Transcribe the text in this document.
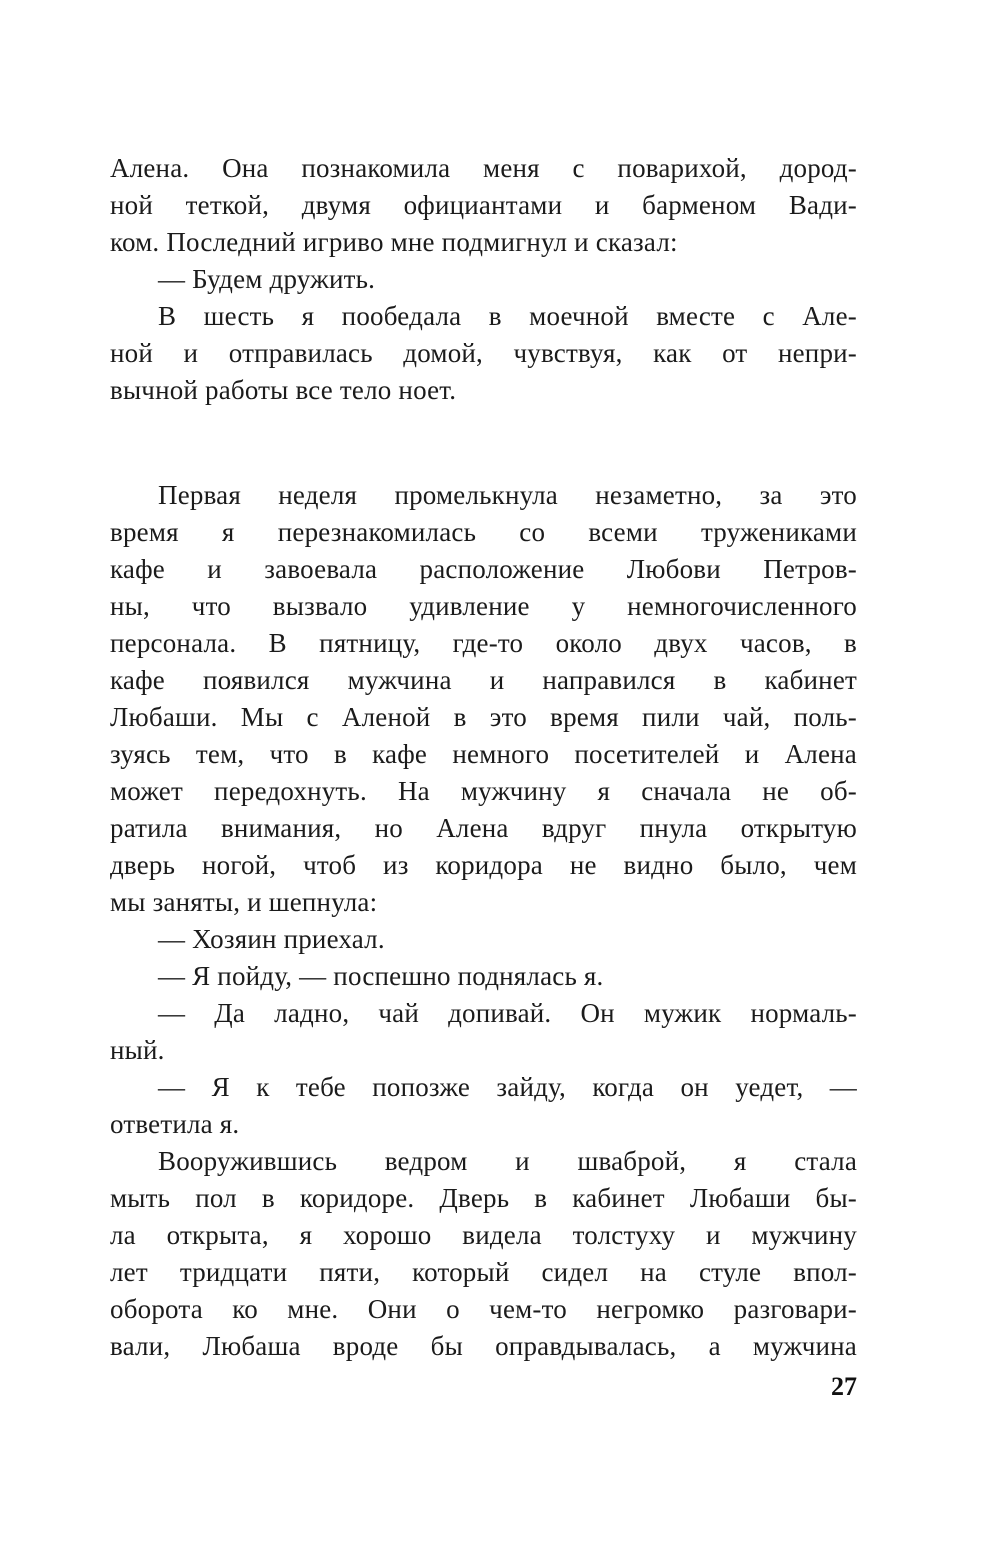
Алена. Она познакомила меня с поварихой, дород-
ной теткой, двумя официантами и барменом Вади-
ком. Последний игриво мне подмигнул и сказал:
— Будем дружить.
В шесть я пообедала в моечной вместе с Але-
ной и отправилась домой, чувствуя, как от непри-
вычной работы все тело ноет.
Первая неделя промелькнула незаметно, за это
время я перезнакомилась со всеми тружениками
кафе и завоевала расположение Любови Петров-
ны, что вызвало удивление у немногочисленного
персонала. В пятницу, где-то около двух часов, в
кафе появился мужчина и направился в кабинет
Любаши. Мы с Аленой в это время пили чай, поль-
зуясь тем, что в кафе немного посетителей и Алена
может передохнуть. На мужчину я сначала не об-
ратила внимания, но Алена вдруг пнула открытую
дверь ногой, чтоб из коридора не видно было, чем
мы заняты, и шепнула:
— Хозяин приехал.
— Я пойду, — поспешно поднялась я.
— Да ладно, чай допивай. Он мужик нормаль-
ный.
— Я к тебе попозже зайду, когда он уедет, —
ответила я.
Вооружившись ведром и шваброй, я стала
мыть пол в коридоре. Дверь в кабинет Любаши бы-
ла открыта, я хорошо видела толстуху и мужчину
лет тридцати пяти, который сидел на стуле впол-
оборота ко мне. Они о чем-то негромко разговари-
вали, Любаша вроде бы оправдывалась, а мужчина
27
